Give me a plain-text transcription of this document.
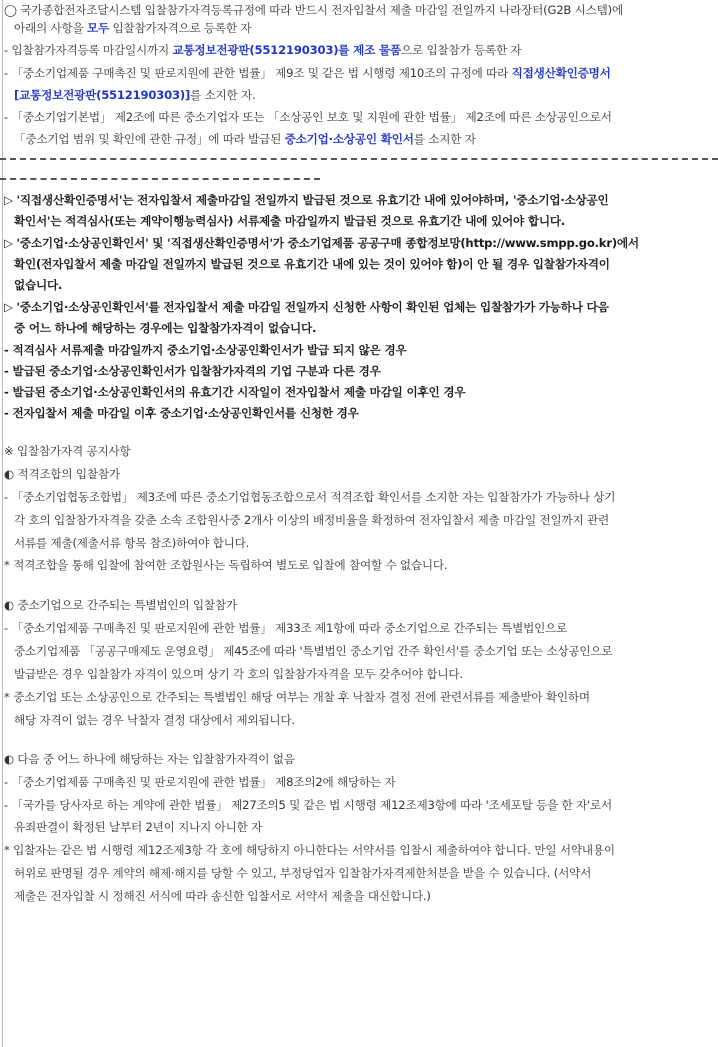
◯ 국가종합전자조달시스템 입찰참가자격등록규정에 따라 반드시 전자입찰서 제출 마감일 전일까지 나라장터(G2B 시스템)에
아래의 사항을 모두 입찰참가자격으로 등록한 자
- 입찰참가자격등록 마감일시까지 교통정보전광판(5512190303)를 제조 물품으로 입찰참가 등록한 자
- 「중소기업제품 구매촉진 및 판로지원에 관한 법률」 제9조 및 같은 법 시행령 제10조의 규정에 따라 직접생산확인증명서
[교통정보전광판(5512190303)]를 소지한 자.
- 「중소기업기본법」 제2조에 따른 중소기업자 또는 「소상공인 보호 및 지원에 관한 법률」 제2조에 따른 소상공인으로서
「중소기업 범위 및 확인에 관한 규정」에 따라 발급된 중소기업·소상공인 확인서를 소지한 자
▷ '직접생산확인증명서'는 전자입찰서 제출마감일 전일까지 발급된 것으로 유효기간 내에 있어야하며, '중소기업·소상공인
확인서'는 적격심사(또는 계약이행능력심사) 서류제출 마감일까지 발급된 것으로 유효기간 내에 있어야 합니다.
▷ '중소기업·소상공인확인서' 및 '직접생산확인증명서'가 중소기업제품 공공구매 종합정보망(http://www.smpp.go.kr)에서
확인(전자입찰서 제출 마감일 전일까지 발급된 것으로 유효기간 내에 있는 것이 있어야 함)이 안 될 경우 입찰참가자격이
없습니다.
▷ '중소기업·소상공인확인서'를 전자입찰서 제출 마감일 전일까지 신청한 사항이 확인된 업체는 입찰참가가 가능하나 다음
중 어느 하나에 해당하는 경우에는 입찰참가자격이 없습니다.
- 적격심사 서류제출 마감일까지 중소기업·소상공인확인서가 발급 되지 않은 경우
- 발급된 중소기업·소상공인확인서가 입찰참가자격의 기업 구분과 다른 경우
- 발급된 중소기업·소상공인확인서의 유효기간 시작일이 전자입찰서 제출 마감일 이후인 경우
- 전자입찰서 제출 마감일 이후 중소기업·소상공인확인서를 신청한 경우
※ 입찰참가자격 공지사항
◐ 적격조합의 입찰참가
- 「중소기업협동조합법」 제3조에 따른 중소기업협동조합으로서 적격조합 확인서를 소지한 자는 입찰참가가 가능하나 상기
각 호의 입찰참가자격을 갖춘 소속 조합원사중 2개사 이상의 배정비율을 확정하여 전자입찰서 제출 마감일 전일까지 관련
서류를 제출(제출서류 항목 참조)하여야 합니다.
* 적격조합을 통해 입찰에 참여한 조합원사는 독립하여 별도로 입찰에 참여할 수 없습니다.
◐ 중소기업으로 간주되는 특별법인의 입찰참가
- 「중소기업제품 구매촉진 및 판로지원에 관한 법률」 제33조 제1항에 따라 중소기업으로 간주되는 특별법인으로
중소기업제품 「공공구매제도 운영요령」 제45조에 따라 '특별법인 중소기업 간주 확인서'를 중소기업 또는 소상공인으로
발급받은 경우 입찰참가 자격이 있으며 상기 각 호의 입찰참가자격을 모두 갖추어야 합니다.
* 중소기업 또는 소상공인으로 간주되는 특별법인 해당 여부는 개찰 후 낙찰자 결정 전에 관련서류를 제출받아 확인하며
해당 자격이 없는 경우 낙찰자 결정 대상에서 제외됩니다.
◐ 다음 중 어느 하나에 해당하는 자는 입찰참가자격이 없음
- 「중소기업제품 구매촉진 및 판로지원에 관한 법률」 제8조의2에 해당하는 자
- 「국가를 당사자로 하는 계약에 관한 법률」 제27조의5 및 같은 법 시행령 제12조제3항에 따라 '조세포탈 등을 한 자'로서
유죄판결이 확정된 날부터 2년이 지나지 아니한 자
* 입찰자는 같은 법 시행령 제12조제3항 각 호에 해당하지 아니한다는 서약서를 입찰시 제출하여야 합니다. 만일 서약내용이
허위로 판명될 경우 계약의 해제·해지를 당할 수 있고, 부정당업자 입찰참가자격제한처분을 받을 수 있습니다. (서약서
제출은 전자입찰 시 정해진 서식에 따라 송신한 입찰서로 서약서 제출을 대신합니다.)
